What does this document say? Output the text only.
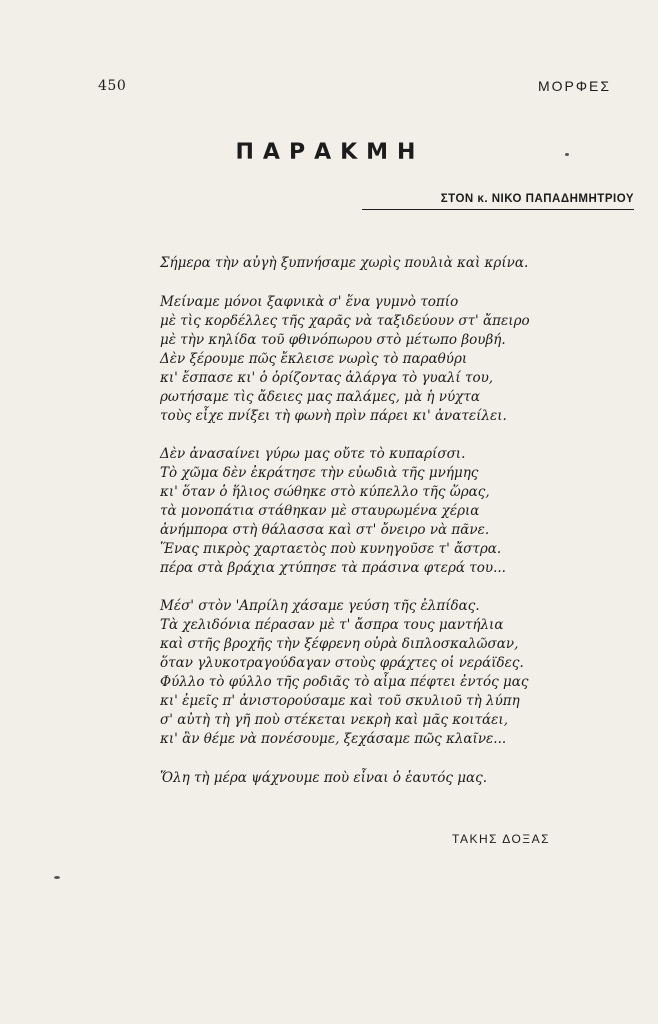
450	ΜΟΡΦΕΣ
ΠΑΡΑΚΜΗ
ΣΤΟΝ κ. ΝΙΚΟ ΠΑΠΑΔΗΜΗΤΡΙΟΥ
Σήμερα τὴν αὐγὴ ξυπνήσαμε χωρὶς πουλιὰ καὶ κρίνα.
Μείναμε μόνοι ξαφνικὰ σ' ἕνα γυμνὸ τοπίο
μὲ τὶς κορδέλλες τῆς χαρᾶς νὰ ταξιδεύουν στ' ἄπειρο
μὲ τὴν κηλίδα τοῦ φθινόπωρου στὸ μέτωπο βουβή.
Δὲν ξέρουμε πῶς ἔκλεισε νωρὶς τὸ παραθύρι
κι' ἔσπασε κι' ὁ ὁρίζοντας ἀλάργα τὸ γυαλί του,
ρωτήσαμε τὶς ἄδειες μας παλάμες, μὰ ἡ νύχτα
τοὺς εἶχε πνίξει τὴ φωνὴ πρὶν πάρει κι' ἀνατείλει.
Δὲν ἀνασαίνει γύρω μας οὔτε τὸ κυπαρίσσι.
Τὸ χῶμα δὲν ἐκράτησε τὴν εὐωδιὰ τῆς μνήμης
κι' ὅταν ὁ ἥλιος σώθηκε στὸ κύπελλο τῆς ὥρας,
τὰ μονοπάτια στάθηκαν μὲ σταυρωμένα χέρια
ἀνήμπορα στὴ θάλασσα καὶ στ' ὄνειρο νὰ πᾶνε.
Ἕνας πικρὸς χαρταετὸς ποὺ κυνηγοῦσε τ' ἄστρα.
πέρα στὰ βράχια χτύπησε τὰ πράσινα φτερά του...
Μέσ' στὸν 'Απρίλη χάσαμε γεύση τῆς ἐλπίδας.
Τὰ χελιδόνια πέρασαν μὲ τ' ἄσπρα τους μαντήλια
καὶ στῆς βροχῆς τὴν ξέφρενη οὐρὰ διπλοσκαλῶσαν,
ὅταν γλυκοτραγούδαγαν στοὺς φράχτες οἱ νεράϊδες.
Φύλλο τὸ φύλλο τῆς ροδιᾶς τὸ αἷμα πέφτει ἐντός μας
κι' ἐμεῖς π' ἀνιστορούσαμε καὶ τοῦ σκυλιοῦ τὴ λύπη
σ' αὐτὴ τὴ γῆ ποὺ στέκεται νεκρὴ καὶ μᾶς κοιτάει,
κι' ἂν θέμε νὰ πονέσουμε, ξεχάσαμε πῶς κλαῖνε...
Ὅλη τὴ μέρα ψάχνουμε ποὺ εἶναι ὁ ἑαυτός μας.
ΤΑΚΗΣ ΔΟΞΑΣ
